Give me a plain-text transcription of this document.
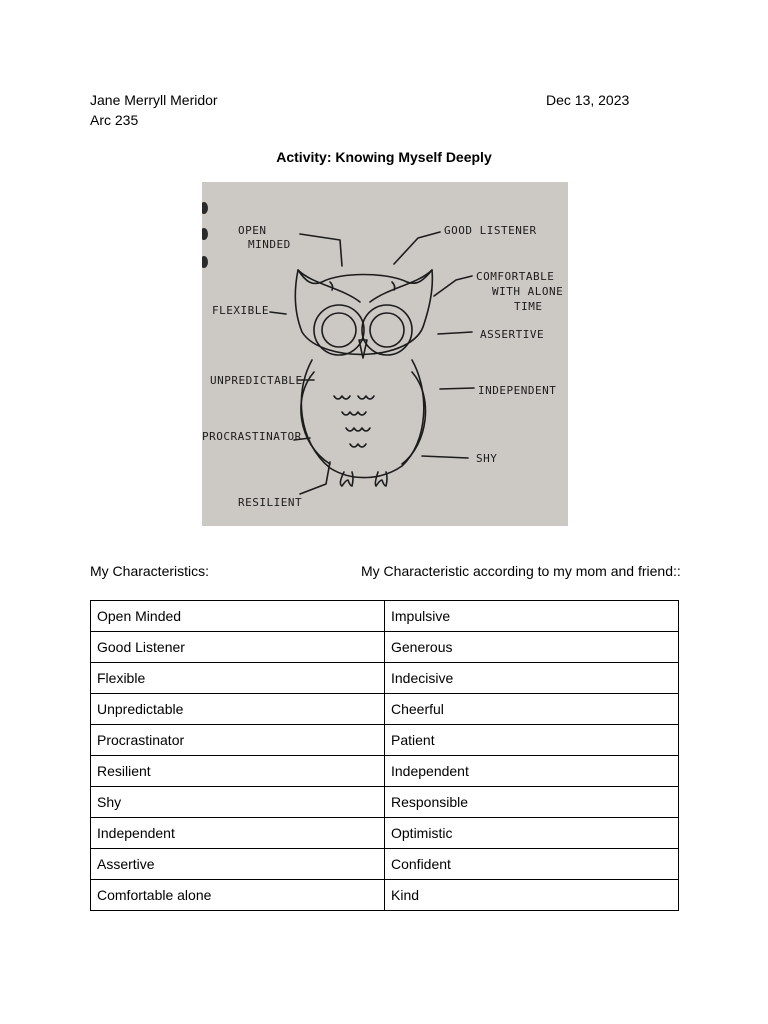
Jane Merryll Meridor
Arc 235
Dec 13, 2023
Activity: Knowing Myself Deeply
OPEN
MINDED
GOOD LISTENER
COMFORTABLE
WITH ALONE
TIME
FLEXIBLE
ASSERTIVE
UNPREDICTABLE
INDEPENDENT
PROCRASTINATOR
SHY
RESILIENT
My Characteristics:	My Characteristic according to my mom and friend::
Open Minded	Impulsive
Good Listener	Generous
Flexible	Indecisive
Unpredictable	Cheerful
Procrastinator	Patient
Resilient	Independent
Shy	Responsible
Independent	Optimistic
Assertive	Confident
Comfortable alone	Kind
